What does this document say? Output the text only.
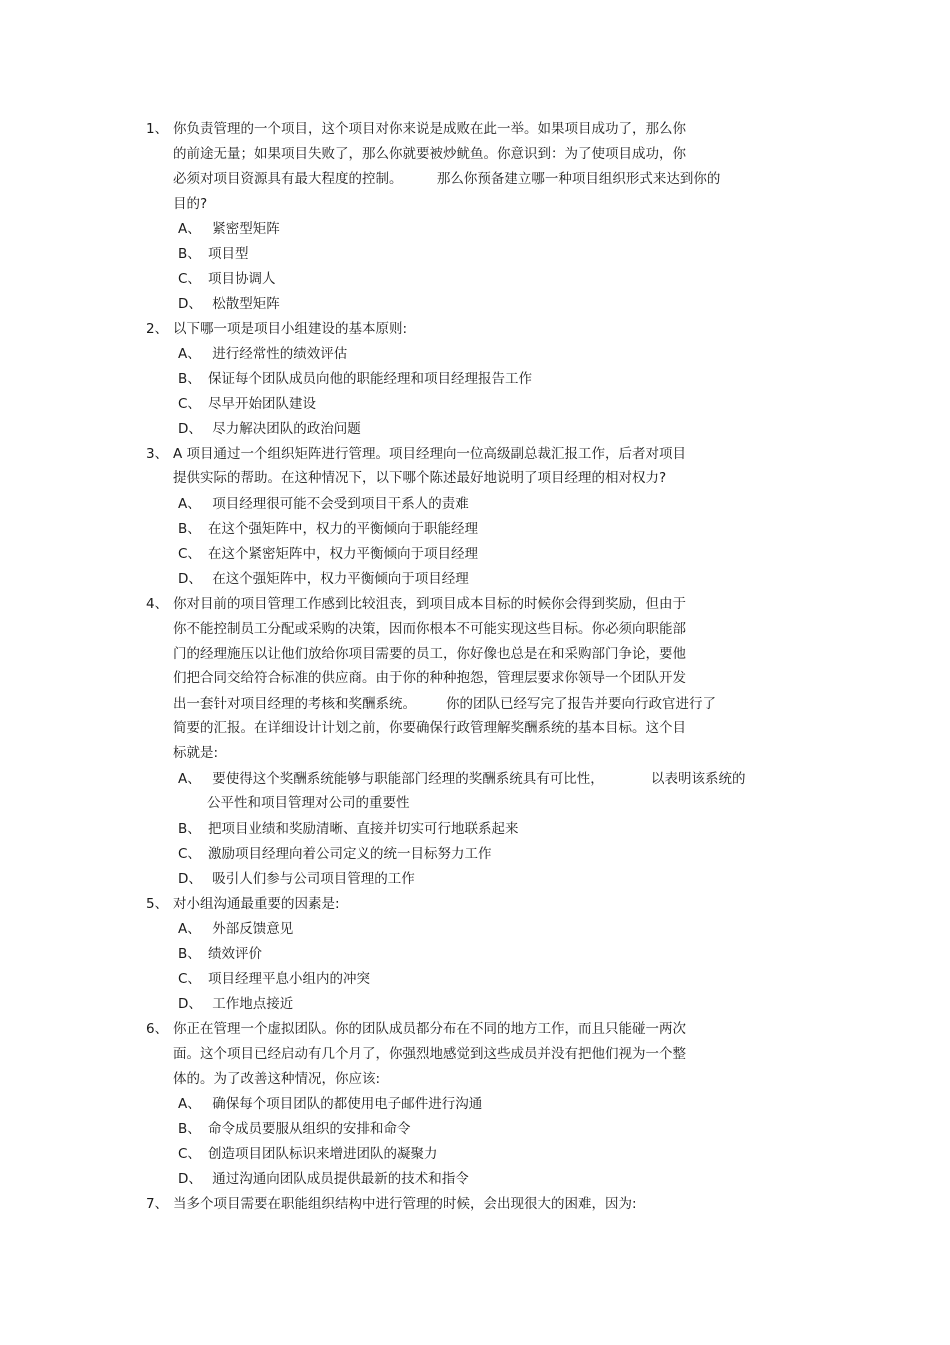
1、 你负责管理的一个项目，这个项目对你来说是成败在此一举。如果项目成功了，那么你
的前途无量；如果项目失败了，那么你就要被炒鱿鱼。你意识到：为了使项目成功，你
必须对项目资源具有最大程度的控制。        那么你预备建立哪一种项目组织形式来达到你的
目的?
A、 紧密型矩阵
B、 项目型
C、 项目协调人
D、 松散型矩阵
2、 以下哪一项是项目小组建设的基本原则:
A、 进行经常性的绩效评估
B、 保证每个团队成员向他的职能经理和项目经理报告工作
C、 尽早开始团队建设
D、 尽力解决团队的政治问题
3、 A 项目通过一个组织矩阵进行管理。项目经理向一位高级副总裁汇报工作，后者对项目
提供实际的帮助。在这种情况下，以下哪个陈述最好地说明了项目经理的相对权力?
A、 项目经理很可能不会受到项目干系人的责难
B、 在这个强矩阵中，权力的平衡倾向于职能经理
C、 在这个紧密矩阵中，权力平衡倾向于项目经理
D、 在这个强矩阵中，权力平衡倾向于项目经理
4、 你对目前的项目管理工作感到比较沮丧，到项目成本目标的时候你会得到奖励，但由于
你不能控制员工分配或采购的决策，因而你根本不可能实现这些目标。你必须向职能部
门的经理施压以让他们放给你项目需要的员工，你好像也总是在和采购部门争论，要他
们把合同交给符合标准的供应商。由于你的种种抱怨，管理层要求你领导一个团队开发
出一套针对项目经理的考核和奖酬系统。       你的团队已经写完了报告并要向行政官进行了
简要的汇报。在详细设计计划之前，你要确保行政管理解奖酬系统的基本目标。这个目
标就是:
A、 要使得这个奖酬系统能够与职能部门经理的奖酬系统具有可比性，           以表明该系统的
公平性和项目管理对公司的重要性
B、 把项目业绩和奖励清晰、直接并切实可行地联系起来
C、 激励项目经理向着公司定义的统一目标努力工作
D、 吸引人们参与公司项目管理的工作
5、 对小组沟通最重要的因素是:
A、 外部反馈意见
B、 绩效评价
C、 项目经理平息小组内的冲突
D、 工作地点接近
6、 你正在管理一个虚拟团队。你的团队成员都分布在不同的地方工作，而且只能碰一两次
面。这个项目已经启动有几个月了，你强烈地感觉到这些成员并没有把他们视为一个整
体的。为了改善这种情况，你应该:
A、 确保每个项目团队的都使用电子邮件进行沟通
B、 命令成员要服从组织的安排和命令
C、 创造项目团队标识来增进团队的凝聚力
D、 通过沟通向团队成员提供最新的技术和指令
7、 当多个项目需要在职能组织结构中进行管理的时候，会出现很大的困难，因为:
